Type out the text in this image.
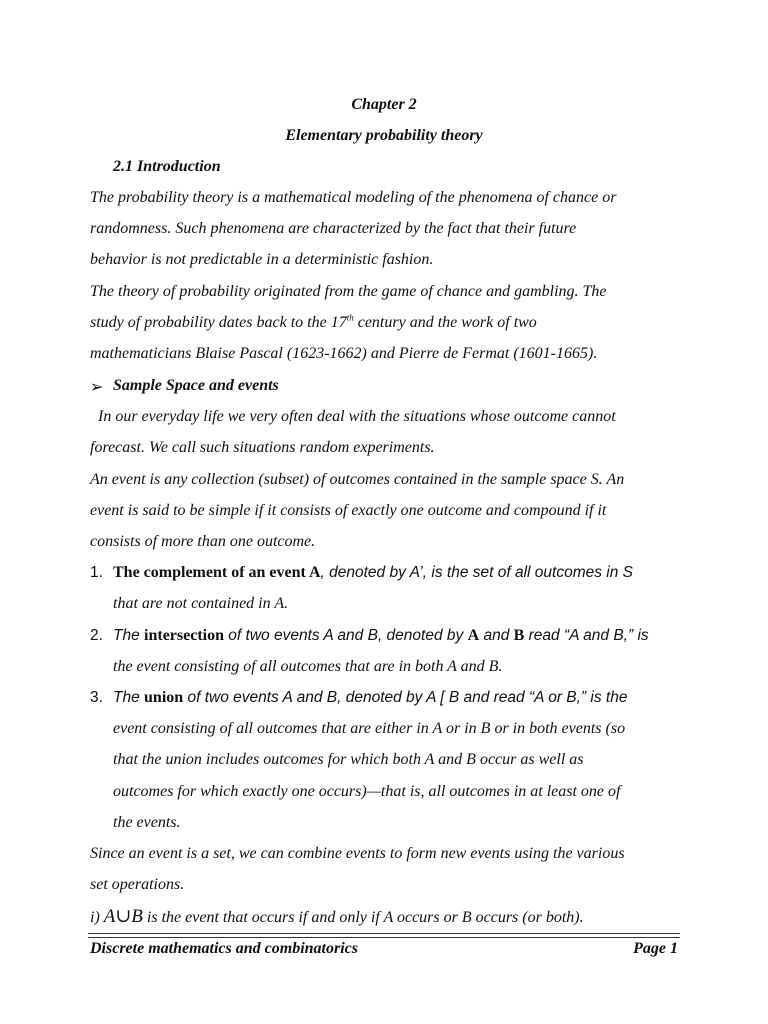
Chapter 2
Elementary probability theory
2.1 Introduction
The probability theory is a mathematical modeling of the phenomena of chance or
randomness. Such phenomena are characterized by the fact that their future
behavior is not predictable in a deterministic fashion.
The theory of probability originated from the game of chance and gambling. The
study of probability dates back to the 17th century and the work of two
mathematicians Blaise Pascal (1623-1662) and Pierre de Fermat (1601-1665).
➢ Sample Space and events
In our everyday life we very often deal with the situations whose outcome cannot
forecast. We call such situations random experiments.
An event is any collection (subset) of outcomes contained in the sample space S. An
event is said to be simple if it consists of exactly one outcome and compound if it
consists of more than one outcome.
1. The complement of an event A, denoted by A’, is the set of all outcomes in S
that are not contained in A.
2. The intersection of two events A and B, denoted by A and B read “A and B,” is
the event consisting of all outcomes that are in both A and B.
3. The union of two events A and B, denoted by A [ B and read “A or B,” is the
event consisting of all outcomes that are either in A or in B or in both events (so
that the union includes outcomes for which both A and B occur as well as
outcomes for which exactly one occurs)—that is, all outcomes in at least one of
the events.
Since an event is a set, we can combine events to form new events using the various
set operations.
i) A∪B is the event that occurs if and only if A occurs or B occurs (or both).
Discrete mathematics and combinatorics	Page 1
